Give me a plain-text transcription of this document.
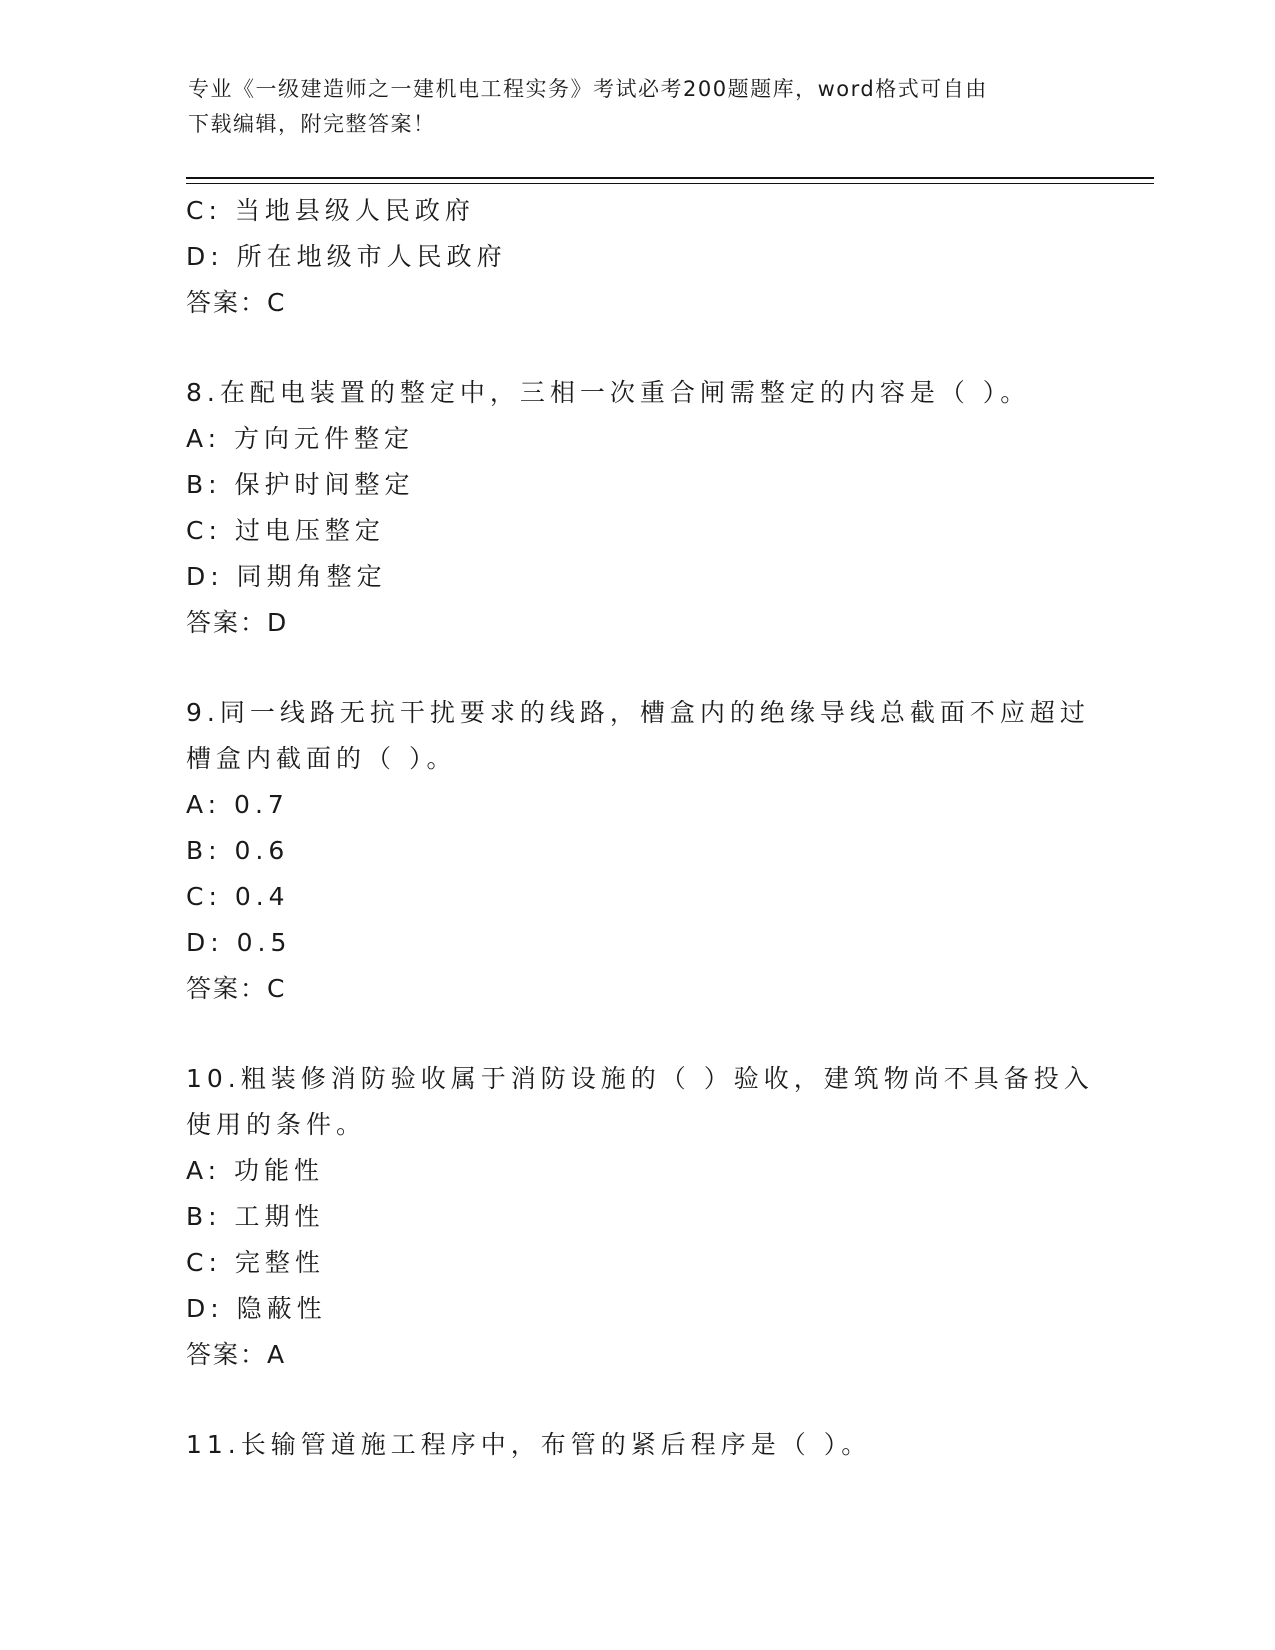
专业《一级建造师之一建机电工程实务》考试必考200题题库，word格式可自由
下载编辑，附完整答案！
C: 当地县级人民政府
D: 所在地级市人民政府
答案：C
8.在配电装置的整定中，三相一次重合闸需整定的内容是（ ）。
A: 方向元件整定
B: 保护时间整定
C: 过电压整定
D: 同期角整定
答案：D
9.同一线路无抗干扰要求的线路，槽盒内的绝缘导线总截面不应超过
槽盒内截面的（ ）。
A: 0.7
B: 0.6
C: 0.4
D: 0.5
答案：C
10.粗装修消防验收属于消防设施的（ ）验收，建筑物尚不具备投入
使用的条件。
A: 功能性
B: 工期性
C: 完整性
D: 隐蔽性
答案：A
11.长输管道施工程序中，布管的紧后程序是（ ）。
